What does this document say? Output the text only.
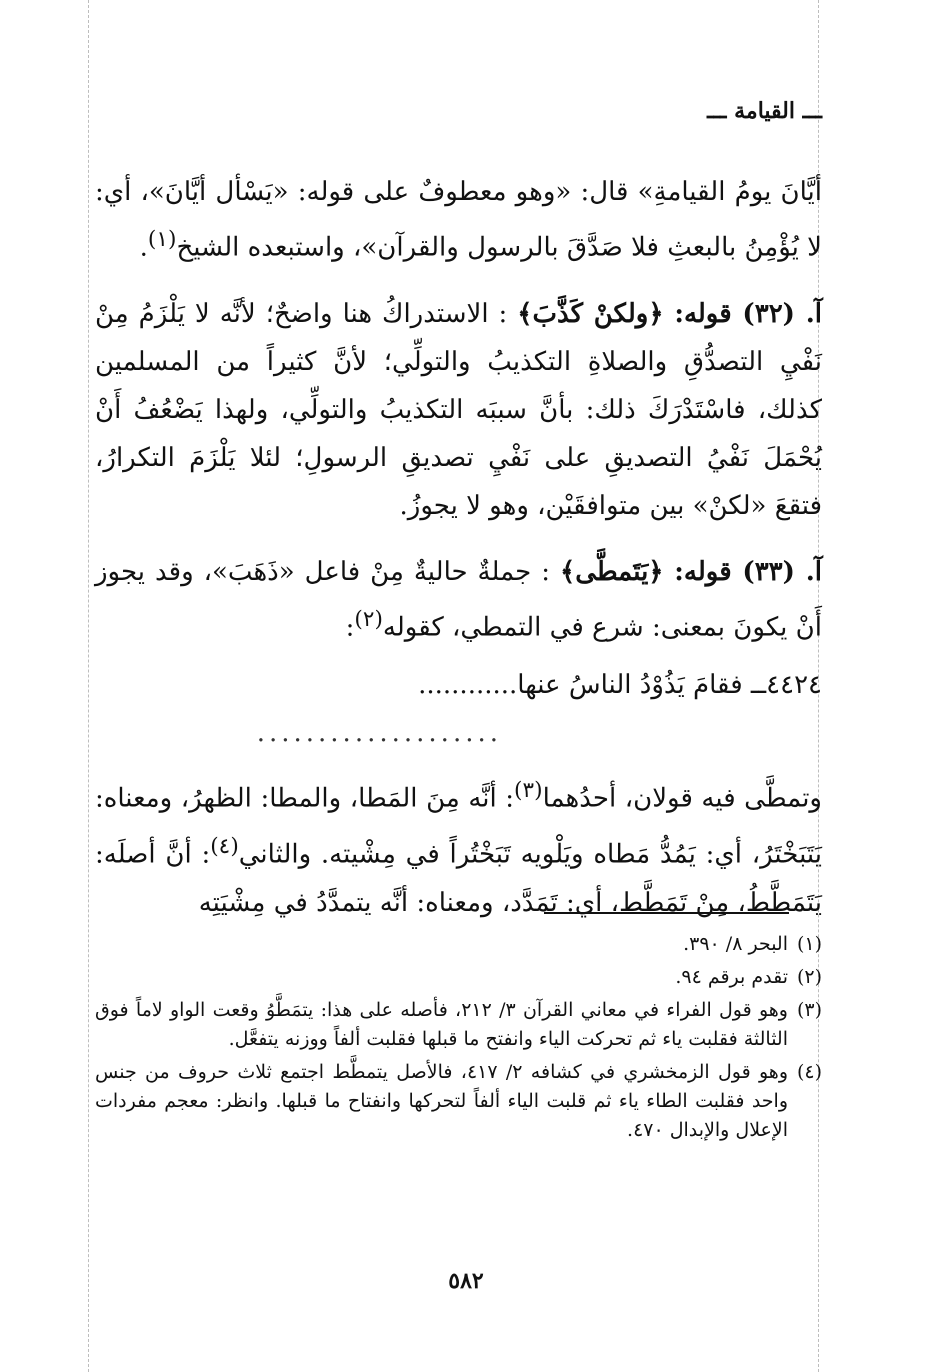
ـــ القيامة ـــ

أيَّانَ يومُ القيامةِ» قال: «وهو معطوفٌ على قوله: «يَسْأل أيَّانَ»، أي: لا يُؤْمِنُ بالبعثِ فلا صَدَّقَ بالرسول والقرآن»، واستبعده الشيخ$^{(١)}$.

آ. (٣٢) قوله: ﴿ولكنْ كَذَّبَ﴾ : الاستدراكُ هنا واضحٌ؛ لأنَّه لا يَلْزَمُ مِنْ نَفْيِ التصدُّقِ والصلاةِ التكذيبُ والتولِّي؛ لأنَّ كثيراً من المسلمين كذلك، فاسْتَدْرَكَ ذلك: بأنَّ سببَه التكذيبُ والتولِّي، ولهذا يَضْعُفُ أَنْ يُحْمَلَ نَفْيُ التصديقِ على نَفْيِ تصديقِ الرسولِ؛ لئلا يَلْزَمَ التكرارُ، فتقعَ «لكنْ» بين متوافقَيْن، وهو لا يجوزُ.

آ. (٣٣) قوله: ﴿يَتَمطَّى﴾ : جملةٌ حاليةٌ مِنْ فاعل «ذَهَبَ»، وقد يجوز أَنْ يكونَ بمعنى: شرع في التمطي، كقوله$^{(٢)}$:

٤٤٢٤ــ فقامَ يَذُوْدُ الناسُ عنها............

....................

وتمطَّى فيه قولان، أحدُهما$^{(٣)}$: أنَّه مِنَ المَطا، والمطا: الظهرُ، ومعناه: يَتَبَخْتَرُ، أي: يَمُدُّ مَطاه ويَلْويه تَبَخْتُراً في مِشْيته. والثاني$^{(٤)}$: أنَّ أصلَه: يَتَمَطَّطُ، مِنْ تَمَطَّط، أي: تَمَدَّد، ومعناه: أنَّه يتمدَّدُ في مِشْيَتِه

(١)
البحر ٨/ ٣٩٠.
(٢)
تقدم برقم ٩٤.
(٣)
وهو قول الفراء في معاني القرآن ٣/ ٢١٢، فأصله على هذا: يتمَطَّوُ وقعت الواو لاماً فوق الثالثة فقلبت ياء ثم تحركت الياء وانفتح ما قبلها فقلبت ألفاً ووزنه يتفعَّل.
(٤)
وهو قول الزمخشري في كشافه ٢/ ٤١٧، فالأصل يتمطَّط اجتمع ثلاث حروف من جنس واحد فقلبت الطاء ياء ثم قلبت الياء ألفاً لتحركها وانفتاح ما قبلها. وانظر: معجم مفردات الإعلال والإبدال ٤٧٠.
٥٨٢
